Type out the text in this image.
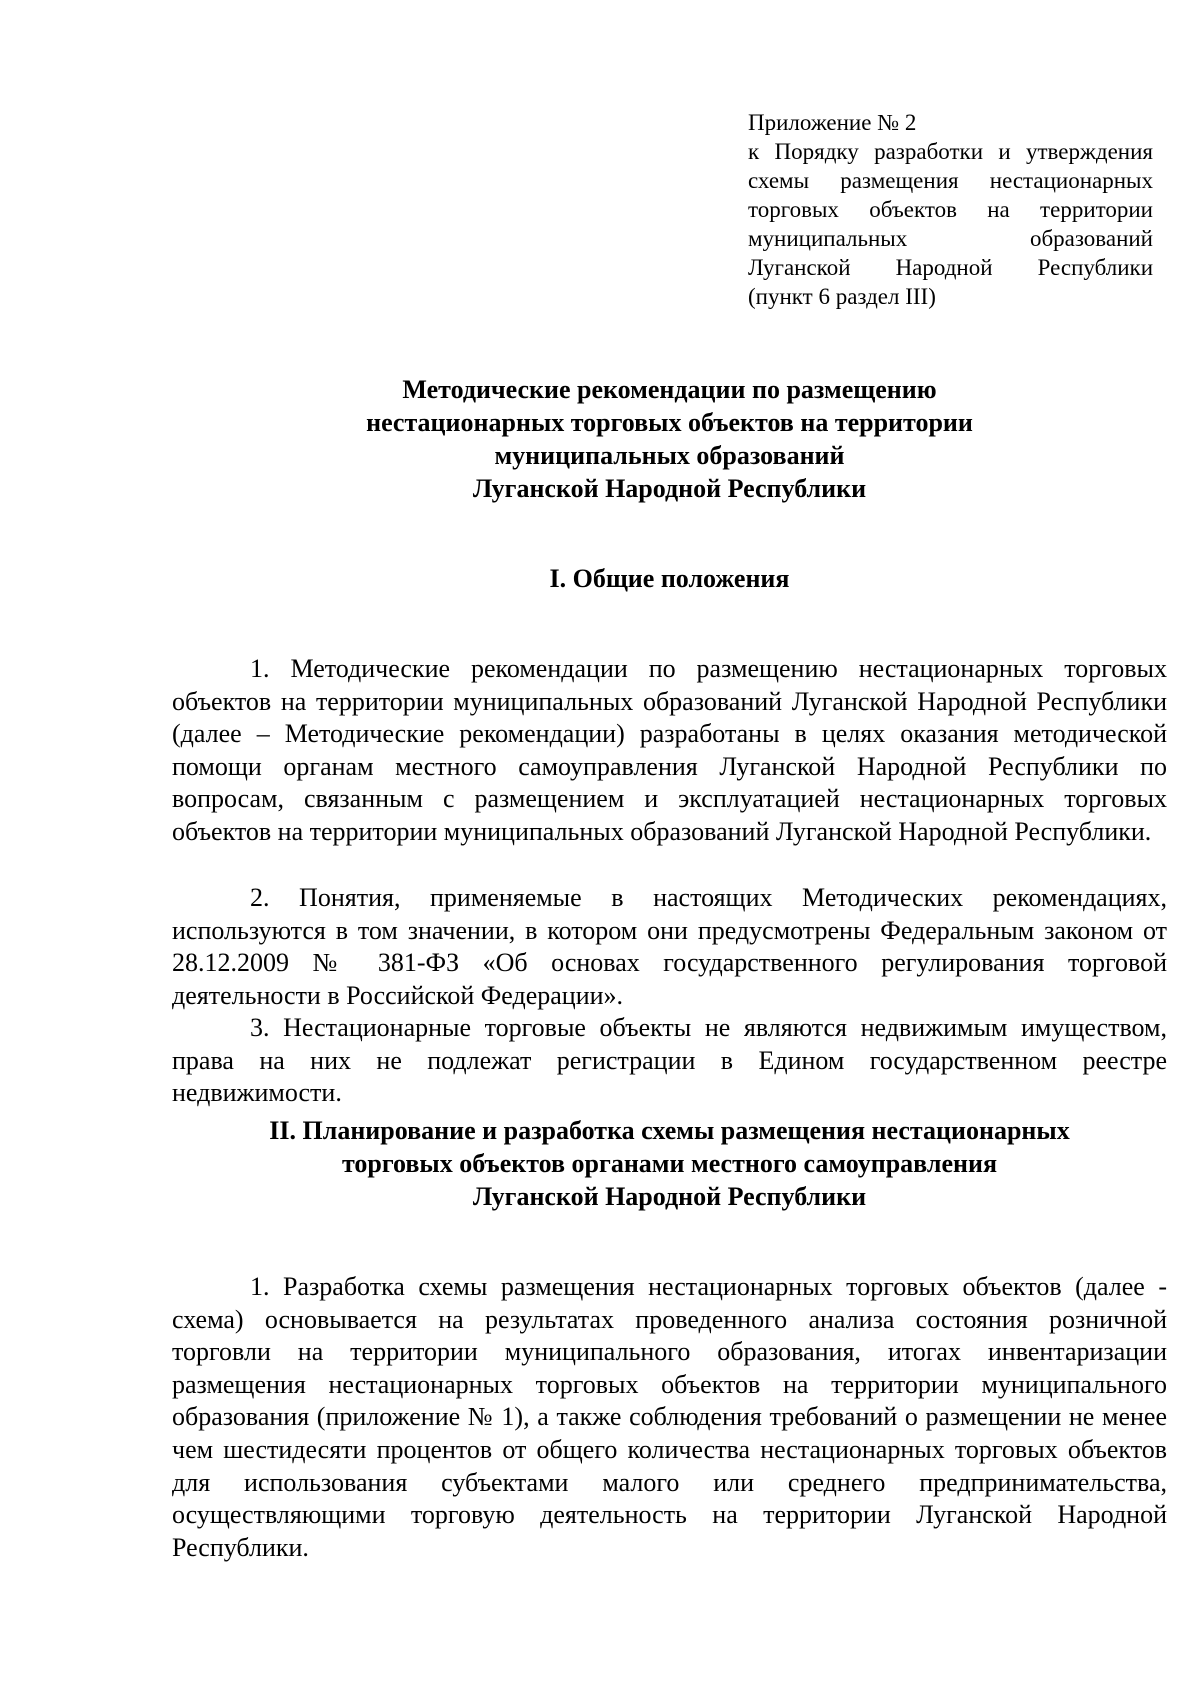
Приложение № 2
к Порядку разработки и утверждения
схемы размещения нестационарных
торговых объектов на территории
муниципальных образований
Луганской Народной Республики
(пункт 6 раздел III)
Методические рекомендации по размещению
нестационарных торговых объектов на территории
муниципальных образований
Луганской Народной Республики
I. Общие положения

1. Методические рекомендации по размещению нестационарных торговых объектов на территории муниципальных образований Луганской Народной Республики (далее – Методические рекомендации) разработаны в целях оказания методической помощи органам местного самоуправления Луганской Народной Республики по вопросам, связанным с размещением и эксплуатацией нестационарных торговых объектов на территории муниципальных образований Луганской Народной Республики.

2. Понятия, применяемые в настоящих Методических рекомендациях, используются в том значении, в котором они предусмотрены Федеральным законом от 28.12.2009 № 381-ФЗ «Об основах государственного регулирования торговой деятельности в Российской Федерации».

3. Нестационарные торговые объекты не являются недвижимым имуществом, права на них не подлежат регистрации в Едином государственном реестре недвижимости.

II. Планирование и разработка схемы размещения нестационарных
торговых объектов органами местного самоуправления
Луганской Народной Республики

1. Разработка схемы размещения нестационарных торговых объектов (далее - схема) основывается на результатах проведенного анализа состояния розничной торговли на территории муниципального образования, итогах инвентаризации размещения нестационарных торговых объектов на территории муниципального образования (приложение № 1), а также соблюдения требований о размещении не менее чем шестидесяти процентов от общего количества нестационарных торговых объектов для использования субъектами малого или среднего предпринимательства, осуществляющими торговую деятельность на территории Луганской Народной Республики.
